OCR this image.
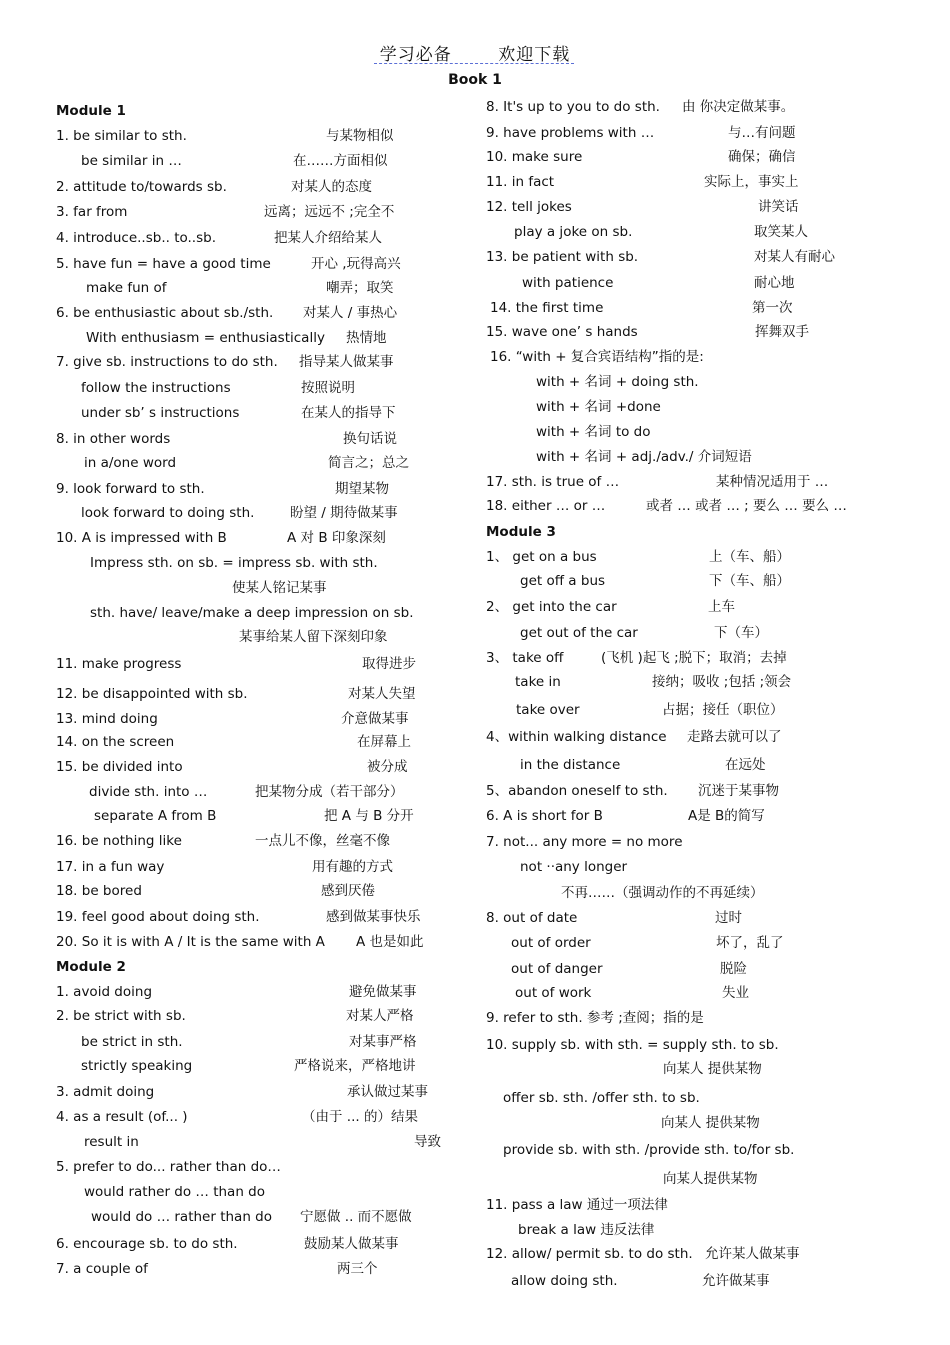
学习必备	欢迎下载
Book 1
Module 1
1. be similar to sth.	与某物相似
be similar in …	在……方面相似
2. attitude to/towards sb.	对某人的态度
3. far from	远离；远远不 ;完全不
4. introduce..sb.. to..sb.	把某人介绍给某人
5. have fun = have a good time	开心 ,玩得高兴
make fun of	嘲弄；取笑
6. be enthusiastic about sb./sth. 对某人 / 事热心
With enthusiasm = enthusiastically 热情地
7. give sb. instructions to do sth. 指导某人做某事
follow the instructions	按照说明
under sb’ s instructions	在某人的指导下
8. in other words	换句话说
in a/one word	简言之；总之
9. look forward to sth.	期望某物
look forward to doing sth.	盼望 / 期待做某事
10. A is impressed with B	A 对 B 印象深刻
Impress sth. on sb. = impress sb. with sth.
使某人铭记某事
sth. have/ leave/make a deep impression on sb.
某事给某人留下深刻印象
11. make progress	取得进步
12. be disappointed with sb.	对某人失望
13. mind doing	介意做某事
14. on the screen	在屏幕上
15. be divided into	被分成
divide sth. into …	把某物分成（若干部分）
separate A from B	把 A 与 B 分开
16. be nothing like	一点儿不像，丝毫不像
17. in a fun way	用有趣的方式
18. be bored	感到厌倦
19. feel good about doing sth.	感到做某事快乐
20. So it is with A / It is the same with A A 也是如此
Module 2
1. avoid doing	避免做某事
2. be strict with sb.	对某人严格
be strict in sth.	对某事严格
strictly speaking	严格说来，严格地讲
3. admit doing	承认做过某事
4. as a result (of... )	（由于 ... 的）结果
result in	导致
5. prefer to do... rather than do…
would rather do … than do
would do … rather than do 宁愿做 .. 而不愿做
6. encourage sb. to do sth.	鼓励某人做某事
7. a couple of	两三个
8. It's up to you to do sth. 由 你决定做某事。
9. have problems with …	与…有问题
10. make sure	确保；确信
11. in fact	实际上，事实上
12. tell jokes	讲笑话
play a joke on sb.	取笑某人
13. be patient with sb.	对某人有耐心
with patience	耐心地
14. the first time	第一次
15. wave one’ s hands	挥舞双手
16. “with + 复合宾语结构”指的是:
with + 名词 + doing sth.
with + 名词 +done
with + 名词 to do
with + 名词 + adj./adv./ 介词短语
17. sth. is true of …	某种情况适用于 …
18. either … or …	或者 … 或者 … ; 要么 … 要么 …
Module 3
1、 get on a bus	上（车、船）
get off a bus	下（车、船）
2、 get into the car	上车
get out of the car	下（车）
3、 take off	(飞机 )起飞 ;脱下；取消；去掉
take in	接纳；吸收 ;包括 ;领会
take over	占据；接任（职位）
4、within walking distance 走路去就可以了
in the distance	在远处
5、abandon oneself to sth. 沉迷于某事物
6. A is short for B	A是 B的简写
7. not... any more = no more
not ··any longer
不再……（强调动作的不再延续）
8. out of date	过时
out of order	坏了，乱了
out of danger	脱险
out of work	失业
9. refer to sth. 参考 ;查阅；指的是
10. supply sb. with sth. = supply sth. to sb.
向某人 提供某物
offer sb. sth. /offer sth. to sb.
向某人 提供某物
provide sb. with sth. /provide sth. to/for sb.
向某人提供某物
11. pass a law 通过一项法律
break a law 违反法律
12. allow/ permit sb. to do sth. 允许某人做某事
allow doing sth.	允许做某事
